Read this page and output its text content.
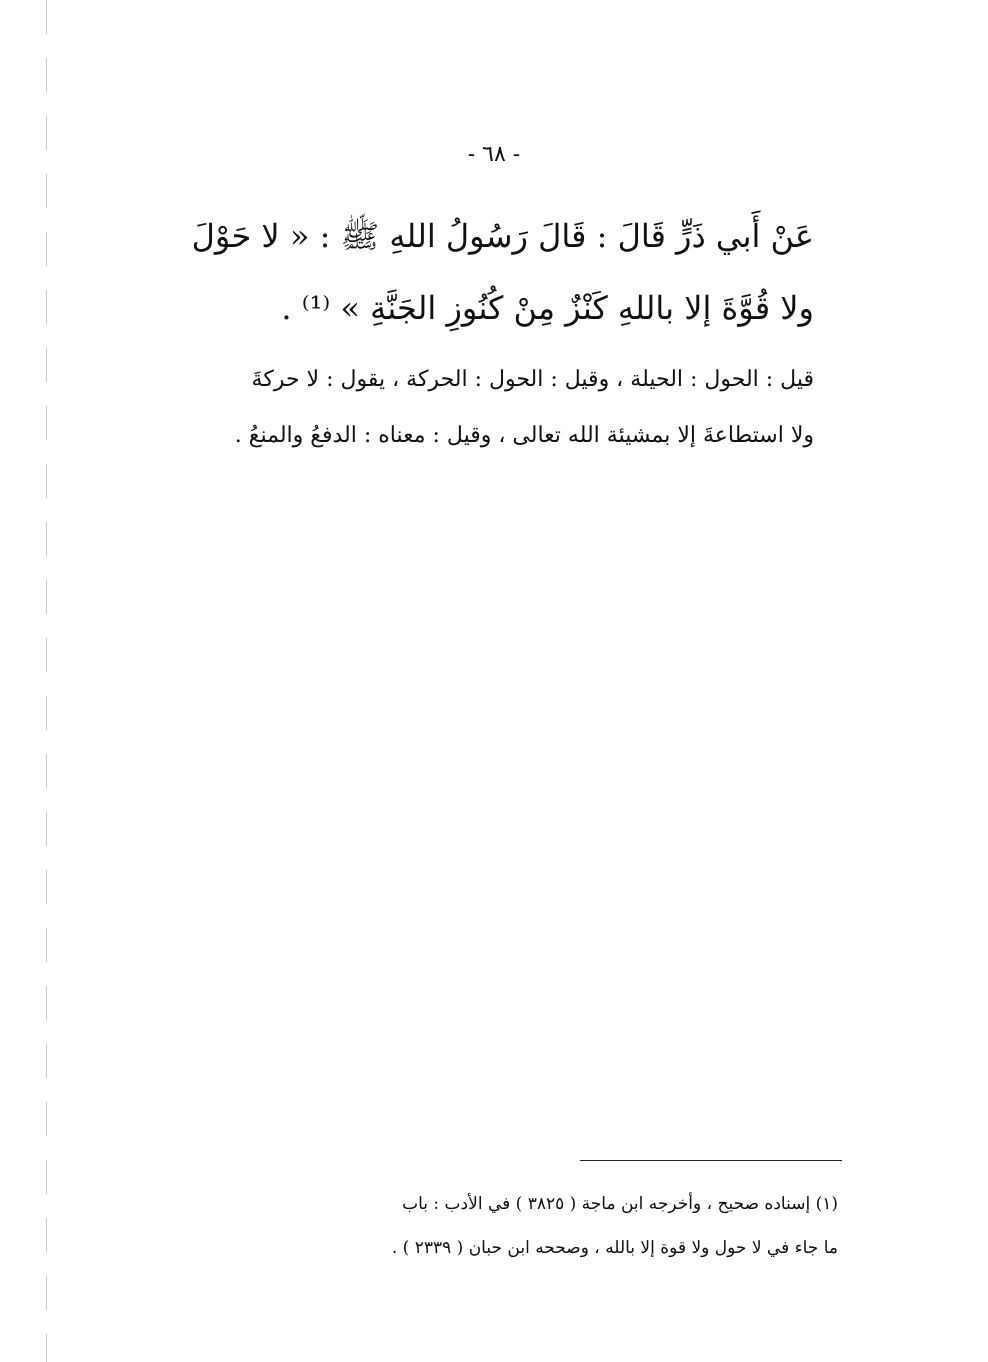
- ٦٨ -

عَنْ أَبي ذَرٍّ قَالَ : قَالَ رَسُولُ اللهِ ﷺ : « لا حَوْلَ

ولا قُوَّةَ إلا باللهِ كَنْزٌ مِنْ كُنُوزِ الجَنَّةِ » ⁽¹⁾ .

قيل : الحول : الحيلة ، وقيل : الحول : الحركة ، يقول : لا حركةَ

ولا استطاعةَ إلا بمشيئة الله تعالى ، وقيل : معناه : الدفعُ والمنعُ .

(١) إسناده صحيح ، وأخرجه ابن ماجة ( ٣٨٢٥ ) في الأدب : باب

ما جاء في لا حول ولا قوة إلا بالله ، وصححه ابن حبان ( ٢٣٣٩ ) .
